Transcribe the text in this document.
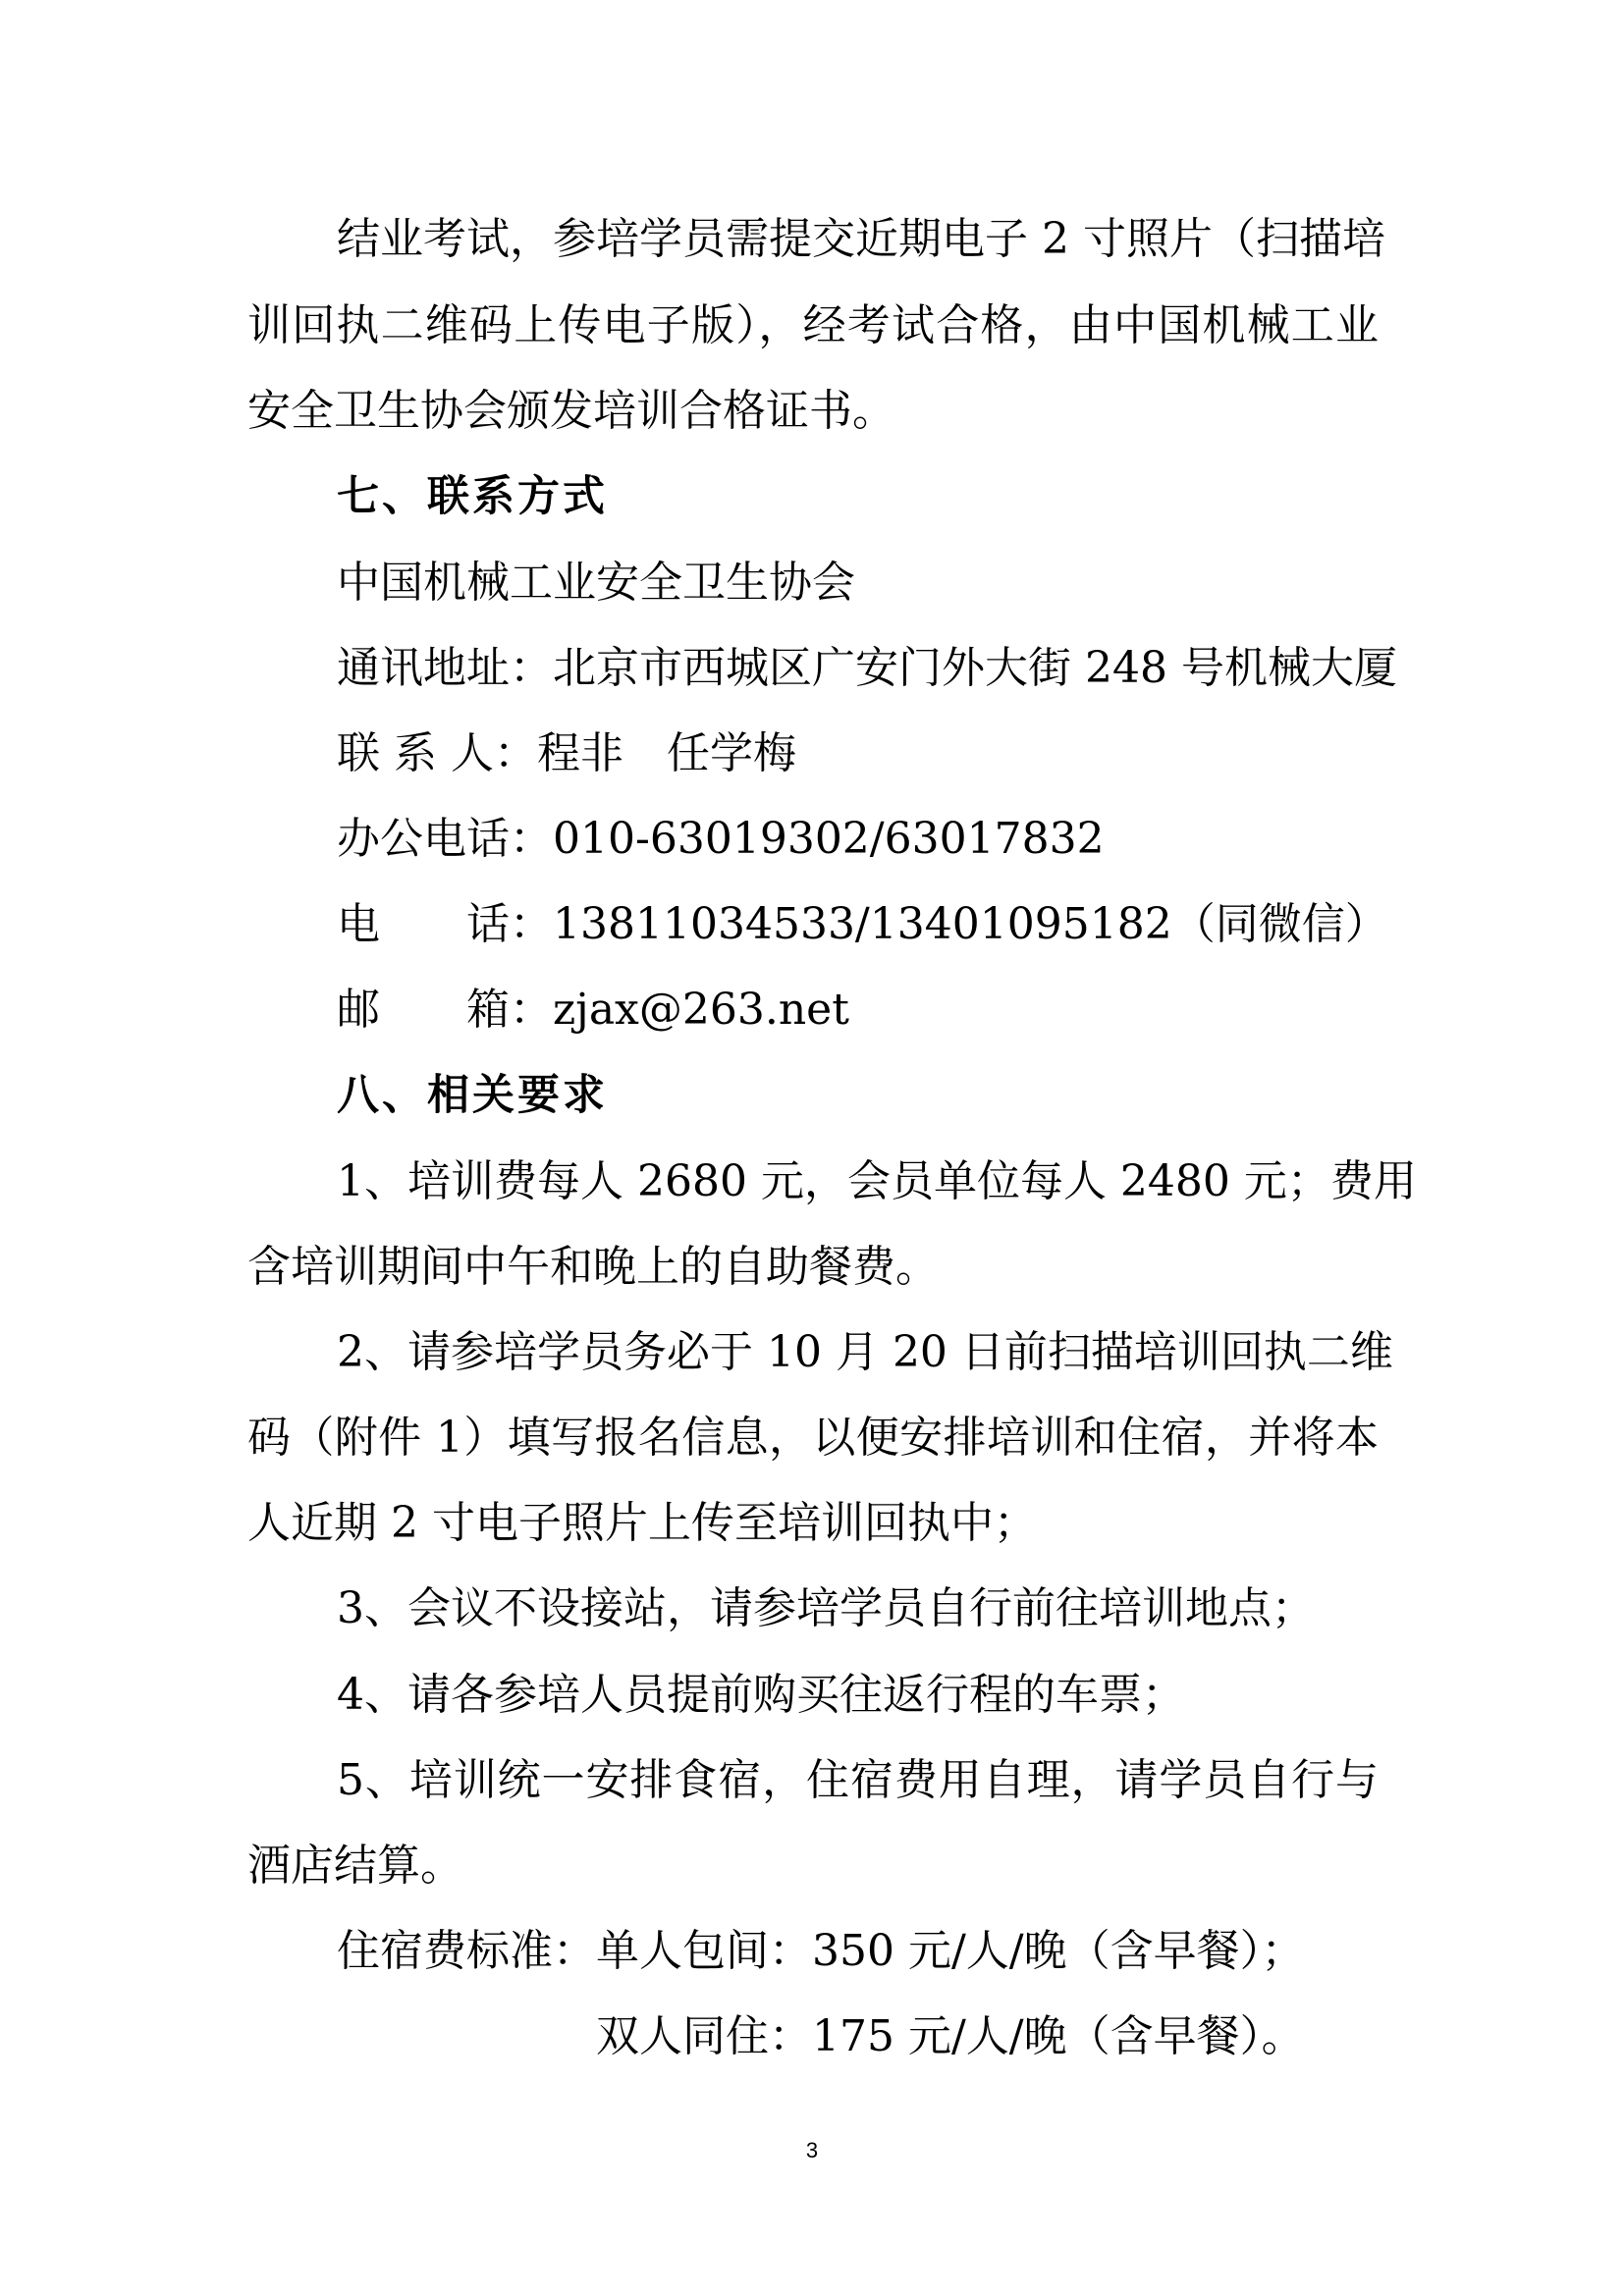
结业考试，参培学员需提交近期电子 2 寸照片（扫描培
训回执二维码上传电子版），经考试合格，由中国机械工业
安全卫生协会颁发培训合格证书。
七、联系方式
中国机械工业安全卫生协会
通讯地址：北京市西城区广安门外大街 248 号机械大厦
联 系 人：程非　任学梅
办公电话：010-63019302/63017832
电　　话：13811034533/13401095182（同微信）
邮　　箱：zjax@263.net
八、相关要求
1、培训费每人 2680 元，会员单位每人 2480 元；费用
含培训期间中午和晚上的自助餐费。
2、请参培学员务必于 10 月 20 日前扫描培训回执二维
码（附件 1）填写报名信息，以便安排培训和住宿，并将本
人近期 2 寸电子照片上传至培训回执中；
3、会议不设接站，请参培学员自行前往培训地点；
4、请各参培人员提前购买往返行程的车票；
5、培训统一安排食宿，住宿费用自理，请学员自行与
酒店结算。
住宿费标准：单人包间：350 元/人/晚（含早餐）；
双人同住：175 元/人/晚（含早餐）。
3
